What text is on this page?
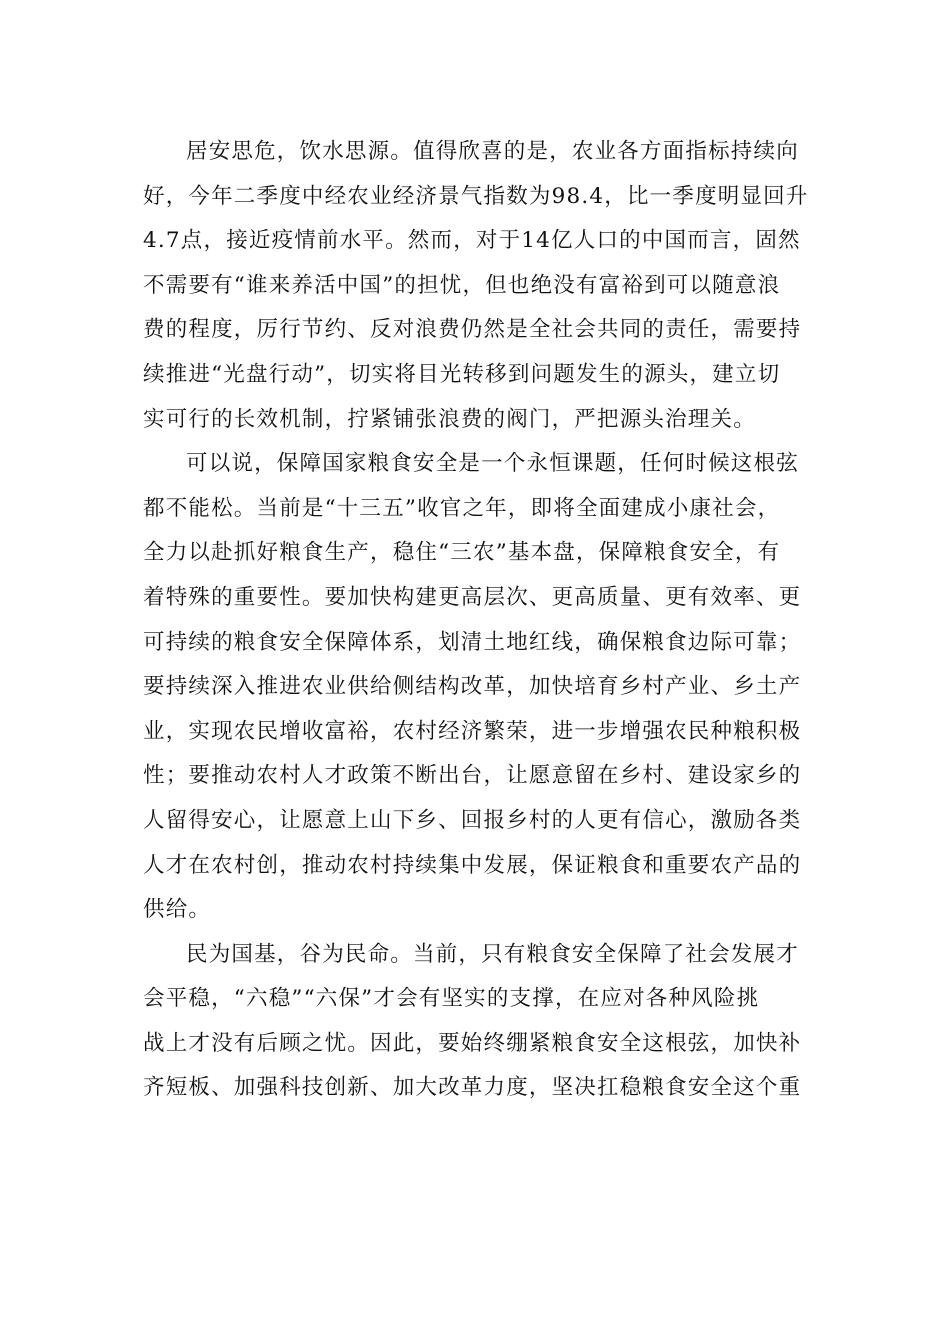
居安思危，饮水思源。值得欣喜的是，农业各方面指标持续向
好，今年二季度中经农业经济景气指数为98.4，比一季度明显回升
4.7点，接近疫情前水平。然而，对于14亿人口的中国而言，固然
不需要有“谁来养活中国”的担忧，但也绝没有富裕到可以随意浪
费的程度，厉行节约、反对浪费仍然是全社会共同的责任，需要持
续推进“光盘行动”，切实将目光转移到问题发生的源头，建立切
实可行的长效机制，拧紧铺张浪费的阀门，严把源头治理关。
可以说，保障国家粮食安全是一个永恒课题，任何时候这根弦
都不能松。当前是“十三五”收官之年，即将全面建成小康社会，
全力以赴抓好粮食生产，稳住“三农”基本盘，保障粮食安全，有
着特殊的重要性。要加快构建更高层次、更高质量、更有效率、更
可持续的粮食安全保障体系，划清土地红线，确保粮食边际可靠；
要持续深入推进农业供给侧结构改革，加快培育乡村产业、乡土产
业，实现农民增收富裕，农村经济繁荣，进一步增强农民种粮积极
性；要推动农村人才政策不断出台，让愿意留在乡村、建设家乡的
人留得安心，让愿意上山下乡、回报乡村的人更有信心，激励各类
人才在农村创，推动农村持续集中发展，保证粮食和重要农产品的
供给。
民为国基，谷为民命。当前，只有粮食安全保障了社会发展才
会平稳，“六稳”“六保”才会有坚实的支撑，在应对各种风险挑
战上才没有后顾之忧。因此，要始终绷紧粮食安全这根弦，加快补
齐短板、加强科技创新、加大改革力度，坚决扛稳粮食安全这个重
